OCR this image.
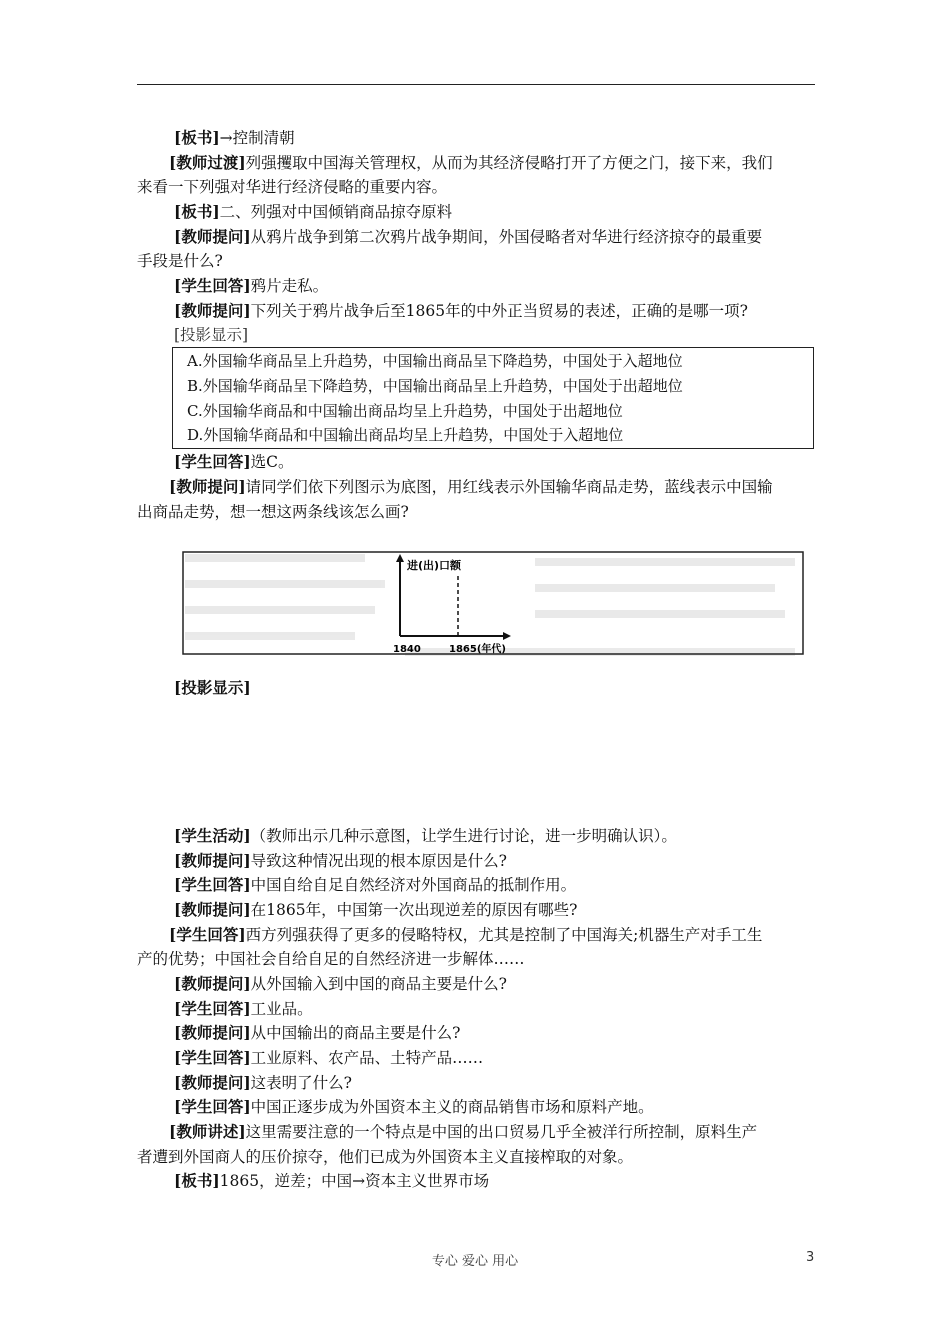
[板书]→控制清朝
[教师过渡]列强攫取中国海关管理权，从而为其经济侵略打开了方便之门，接下来，我们
来看一下列强对华进行经济侵略的重要内容。
[板书]二、列强对中国倾销商品掠夺原料
[教师提问]从鸦片战争到第二次鸦片战争期间，外国侵略者对华进行经济掠夺的最重要
手段是什么?
[学生回答]鸦片走私。
[教师提问]下列关于鸦片战争后至1865年的中外正当贸易的表述，正确的是哪一项?
[投影显示]
A.外国输华商品呈上升趋势，中国输出商品呈下降趋势，中国处于入超地位
B.外国输华商品呈下降趋势，中国输出商品呈上升趋势，中国处于出超地位
C.外国输华商品和中国输出商品均呈上升趋势，中国处于出超地位
D.外国输华商品和中国输出商品均呈上升趋势，中国处于入超地位
[学生回答]选C。
[教师提问]请同学们依下列图示为底图，用红线表示外国输华商品走势，蓝线表示中国输
出商品走势，想一想这两条线该怎么画?
进(出)口额
1840	1865(年代)
[投影显示]
[学生活动]（教师出示几种示意图，让学生进行讨论，进一步明确认识）。
[教师提问]导致这种情况出现的根本原因是什么?
[学生回答]中国自给自足自然经济对外国商品的抵制作用。
[教师提问]在1865年，中国第一次出现逆差的原因有哪些?
[学生回答]西方列强获得了更多的侵略特权，尤其是控制了中国海关;机器生产对手工生
产的优势；中国社会自给自足的自然经济进一步解体……
[教师提问]从外国输入到中国的商品主要是什么?
[学生回答]工业品。
[教师提问]从中国输出的商品主要是什么?
[学生回答]工业原料、农产品、土特产品……
[教师提问]这表明了什么?
[学生回答]中国正逐步成为外国资本主义的商品销售市场和原料产地。
[教师讲述]这里需要注意的一个特点是中国的出口贸易几乎全被洋行所控制，原料生产
者遭到外国商人的压价掠夺，他们已成为外国资本主义直接榨取的对象。
[板书]1865，逆差；中国→资本主义世界市场
专心 爱心 用心	3
